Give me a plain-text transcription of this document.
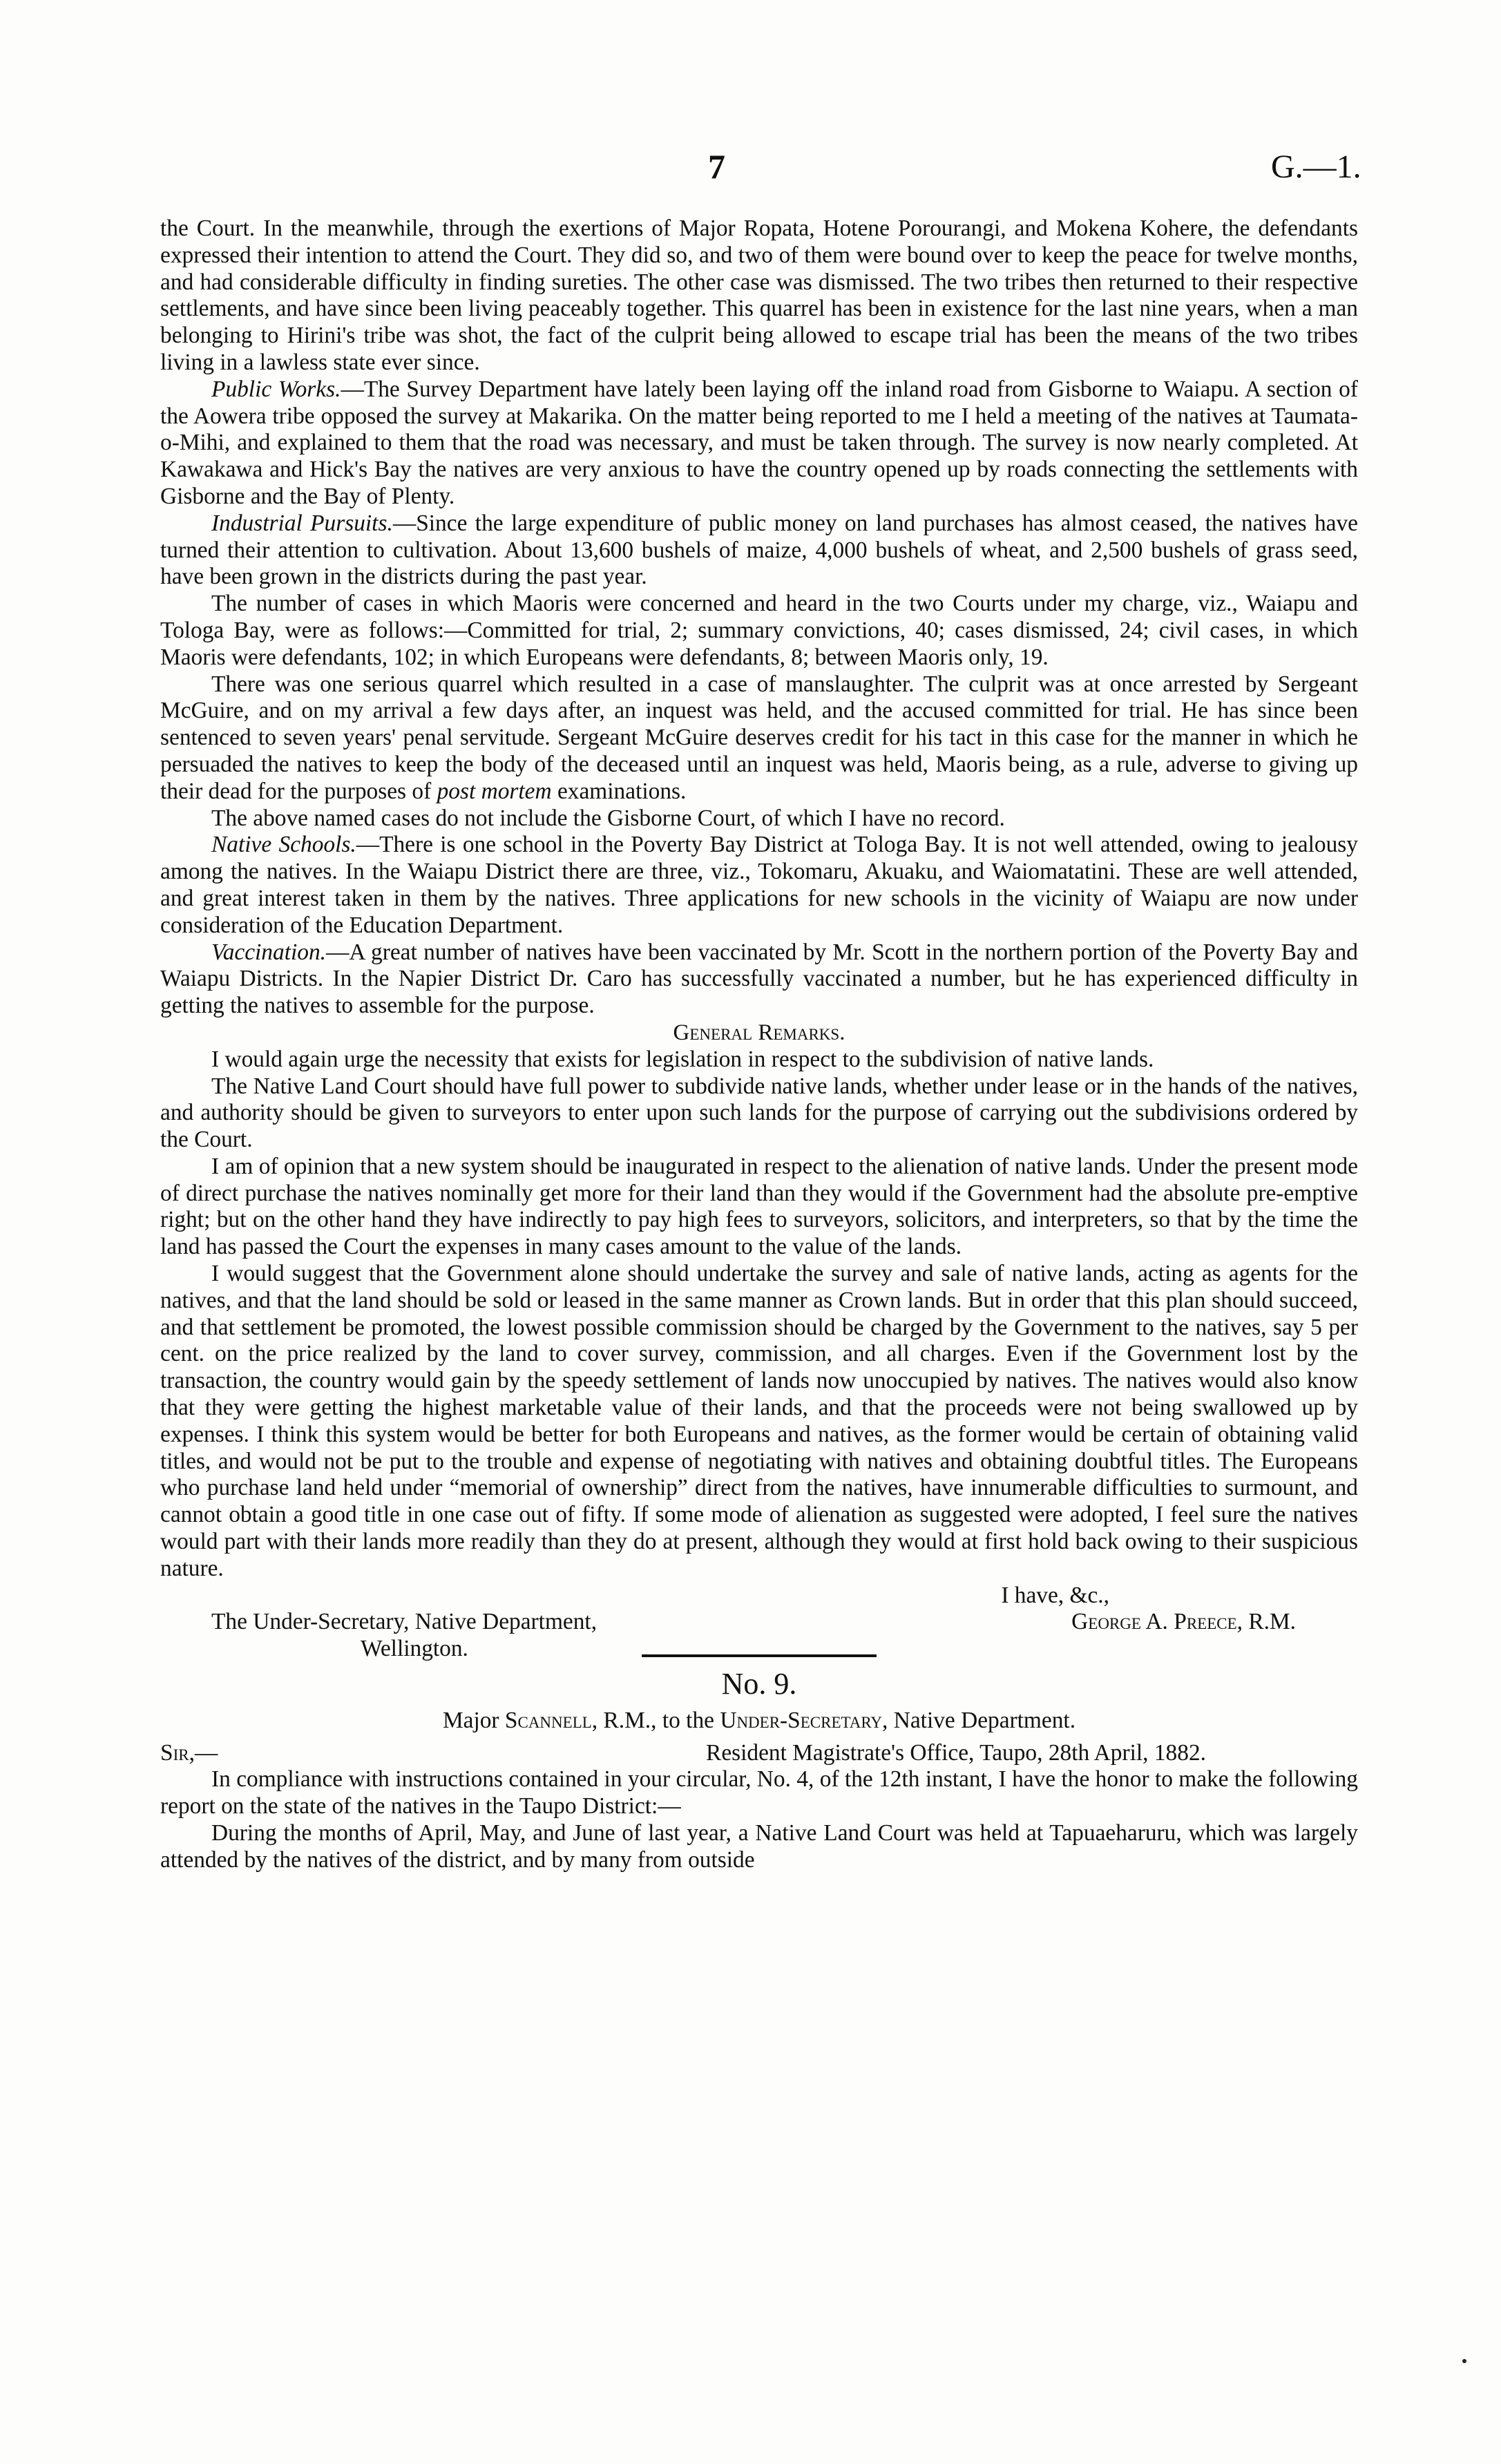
7	G.—1.

the Court. In the meanwhile, through the exertions of Major Ropata, Hotene Porourangi, and Mokena Kohere, the defendants expressed their intention to attend the Court. They did so, and two of them were bound over to keep the peace for twelve months, and had considerable difficulty in finding sureties. The other case was dismissed. The two tribes then returned to their respective settlements, and have since been living peaceably together. This quarrel has been in existence for the last nine years, when a man belonging to Hirini's tribe was shot, the fact of the culprit being allowed to escape trial has been the means of the two tribes living in a lawless state ever since.

Public Works.—The Survey Department have lately been laying off the inland road from Gisborne to Waiapu. A section of the Aowera tribe opposed the survey at Makarika. On the matter being reported to me I held a meeting of the natives at Taumata-o-Mihi, and explained to them that the road was necessary, and must be taken through. The survey is now nearly completed. At Kawakawa and Hick's Bay the natives are very anxious to have the country opened up by roads connecting the settlements with Gisborne and the Bay of Plenty.

Industrial Pursuits.—Since the large expenditure of public money on land purchases has almost ceased, the natives have turned their attention to cultivation. About 13,600 bushels of maize, 4,000 bushels of wheat, and 2,500 bushels of grass seed, have been grown in the districts during the past year.

The number of cases in which Maoris were concerned and heard in the two Courts under my charge, viz., Waiapu and Tologa Bay, were as follows:—Committed for trial, 2; summary convictions, 40; cases dismissed, 24; civil cases, in which Maoris were defendants, 102; in which Europeans were defendants, 8; between Maoris only, 19.

There was one serious quarrel which resulted in a case of manslaughter. The culprit was at once arrested by Sergeant McGuire, and on my arrival a few days after, an inquest was held, and the accused committed for trial. He has since been sentenced to seven years' penal servitude. Sergeant McGuire deserves credit for his tact in this case for the manner in which he persuaded the natives to keep the body of the deceased until an inquest was held, Maoris being, as a rule, adverse to giving up their dead for the purposes of post mortem examinations.

The above named cases do not include the Gisborne Court, of which I have no record.

Native Schools.—There is one school in the Poverty Bay District at Tologa Bay. It is not well attended, owing to jealousy among the natives. In the Waiapu District there are three, viz., Tokomaru, Akuaku, and Waiomatatini. These are well attended, and great interest taken in them by the natives. Three applications for new schools in the vicinity of Waiapu are now under consideration of the Education Department.

Vaccination.—A great number of natives have been vaccinated by Mr. Scott in the northern portion of the Poverty Bay and Waiapu Districts. In the Napier District Dr. Caro has successfully vaccinated a number, but he has experienced difficulty in getting the natives to assemble for the purpose.

General Remarks.

I would again urge the necessity that exists for legislation in respect to the subdivision of native lands.

The Native Land Court should have full power to subdivide native lands, whether under lease or in the hands of the natives, and authority should be given to surveyors to enter upon such lands for the purpose of carrying out the subdivisions ordered by the Court.

I am of opinion that a new system should be inaugurated in respect to the alienation of native lands. Under the present mode of direct purchase the natives nominally get more for their land than they would if the Government had the absolute pre-emptive right; but on the other hand they have indirectly to pay high fees to surveyors, solicitors, and interpreters, so that by the time the land has passed the Court the expenses in many cases amount to the value of the lands.

I would suggest that the Government alone should undertake the survey and sale of native lands, acting as agents for the natives, and that the land should be sold or leased in the same manner as Crown lands. But in order that this plan should succeed, and that settlement be promoted, the lowest possible commission should be charged by the Government to the natives, say 5 per cent. on the price realized by the land to cover survey, commission, and all charges. Even if the Government lost by the transaction, the country would gain by the speedy settlement of lands now unoccupied by natives. The natives would also know that they were getting the highest marketable value of their lands, and that the proceeds were not being swallowed up by expenses. I think this system would be better for both Europeans and natives, as the former would be certain of obtaining valid titles, and would not be put to the trouble and expense of negotiating with natives and obtaining doubtful titles. The Europeans who purchase land held under “memorial of ownership” direct from the natives, have innumerable difficulties to surmount, and cannot obtain a good title in one case out of fifty. If some mode of alienation as suggested were adopted, I feel sure the natives would part with their lands more readily than they do at present, although they would at first hold back owing to their suspicious nature.

I have, &c.,
The Under-Secretary, Native Department,	George A. Preece, R.M.
Wellington.
No. 9.
Major Scannell, R.M., to the Under-Secretary, Native Department.
Sir,—	Resident Magistrate's Office, Taupo, 28th April, 1882.

In compliance with instructions contained in your circular, No. 4, of the 12th instant, I have the honor to make the following report on the state of the natives in the Taupo District:—

During the months of April, May, and June of last year, a Native Land Court was held at Tapuaeharuru, which was largely attended by the natives of the district, and by many from outside
